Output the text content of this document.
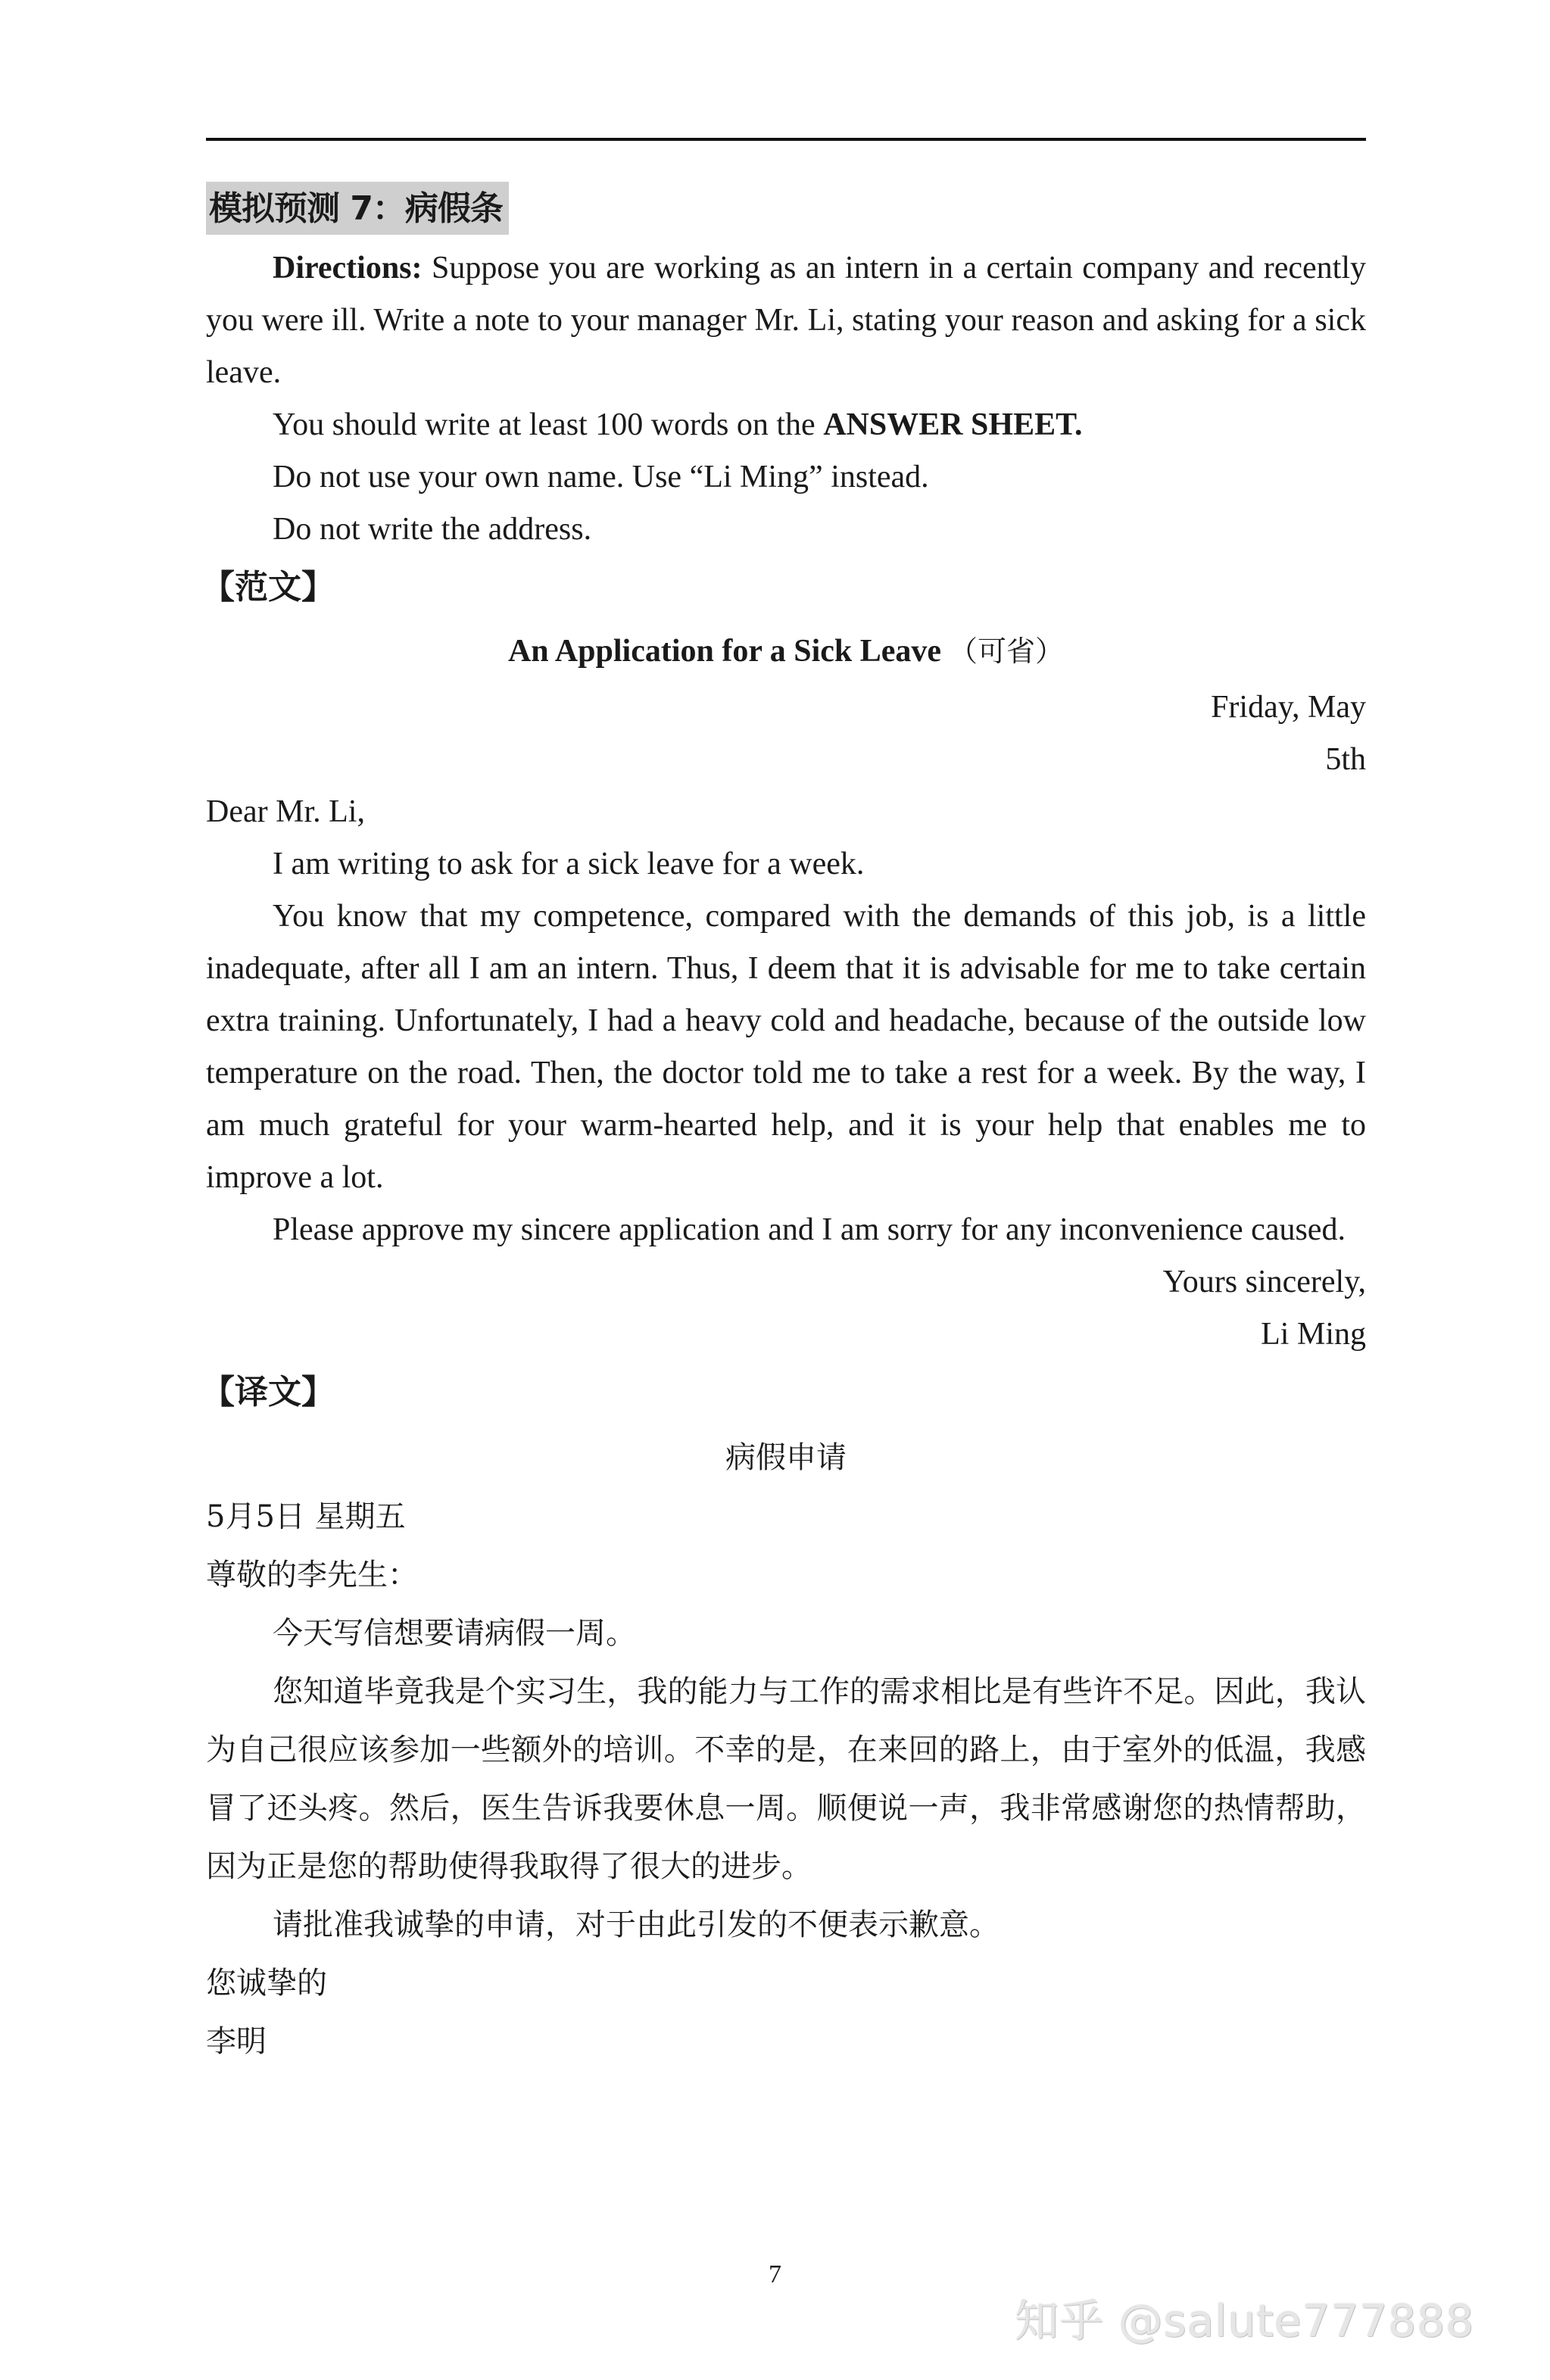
模拟预测 7：病假条

Directions: Suppose you are working as an intern in a certain company and recently you were ill. Write a note to your manager Mr. Li, stating your reason and asking for a sick leave.

You should write at least 100 words on the ANSWER SHEET.

Do not use your own name. Use “Li Ming” instead.

Do not write the address.

【范文】

An Application for a Sick Leave （可省）

Friday, May

5th

Dear Mr. Li,

I am writing to ask for a sick leave for a week.

You know that my competence, compared with the demands of this job, is a little inadequate, after all I am an intern. Thus, I deem that it is advisable for me to take certain extra training. Unfortunately, I had a heavy cold and headache, because of the outside low temperature on the road. Then, the doctor told me to take a rest for a week. By the way, I am much grateful for your warm-hearted help, and it is your help that enables me to improve a lot.

Please approve my sincere application and I am sorry for any inconvenience caused.

Yours sincerely,

Li Ming

【译文】

病假申请

5月5日 星期五

尊敬的李先生：

今天写信想要请病假一周。

您知道毕竟我是个实习生，我的能力与工作的需求相比是有些许不足。因此，我认为自己很应该参加一些额外的培训。不幸的是，在来回的路上，由于室外的低温，我感冒了还头疼。然后，医生告诉我要休息一周。顺便说一声，我非常感谢您的热情帮助，因为正是您的帮助使得我取得了很大的进步。

请批准我诚挚的申请，对于由此引发的不便表示歉意。

您诚挚的

李明

7
知乎 @salute777888
